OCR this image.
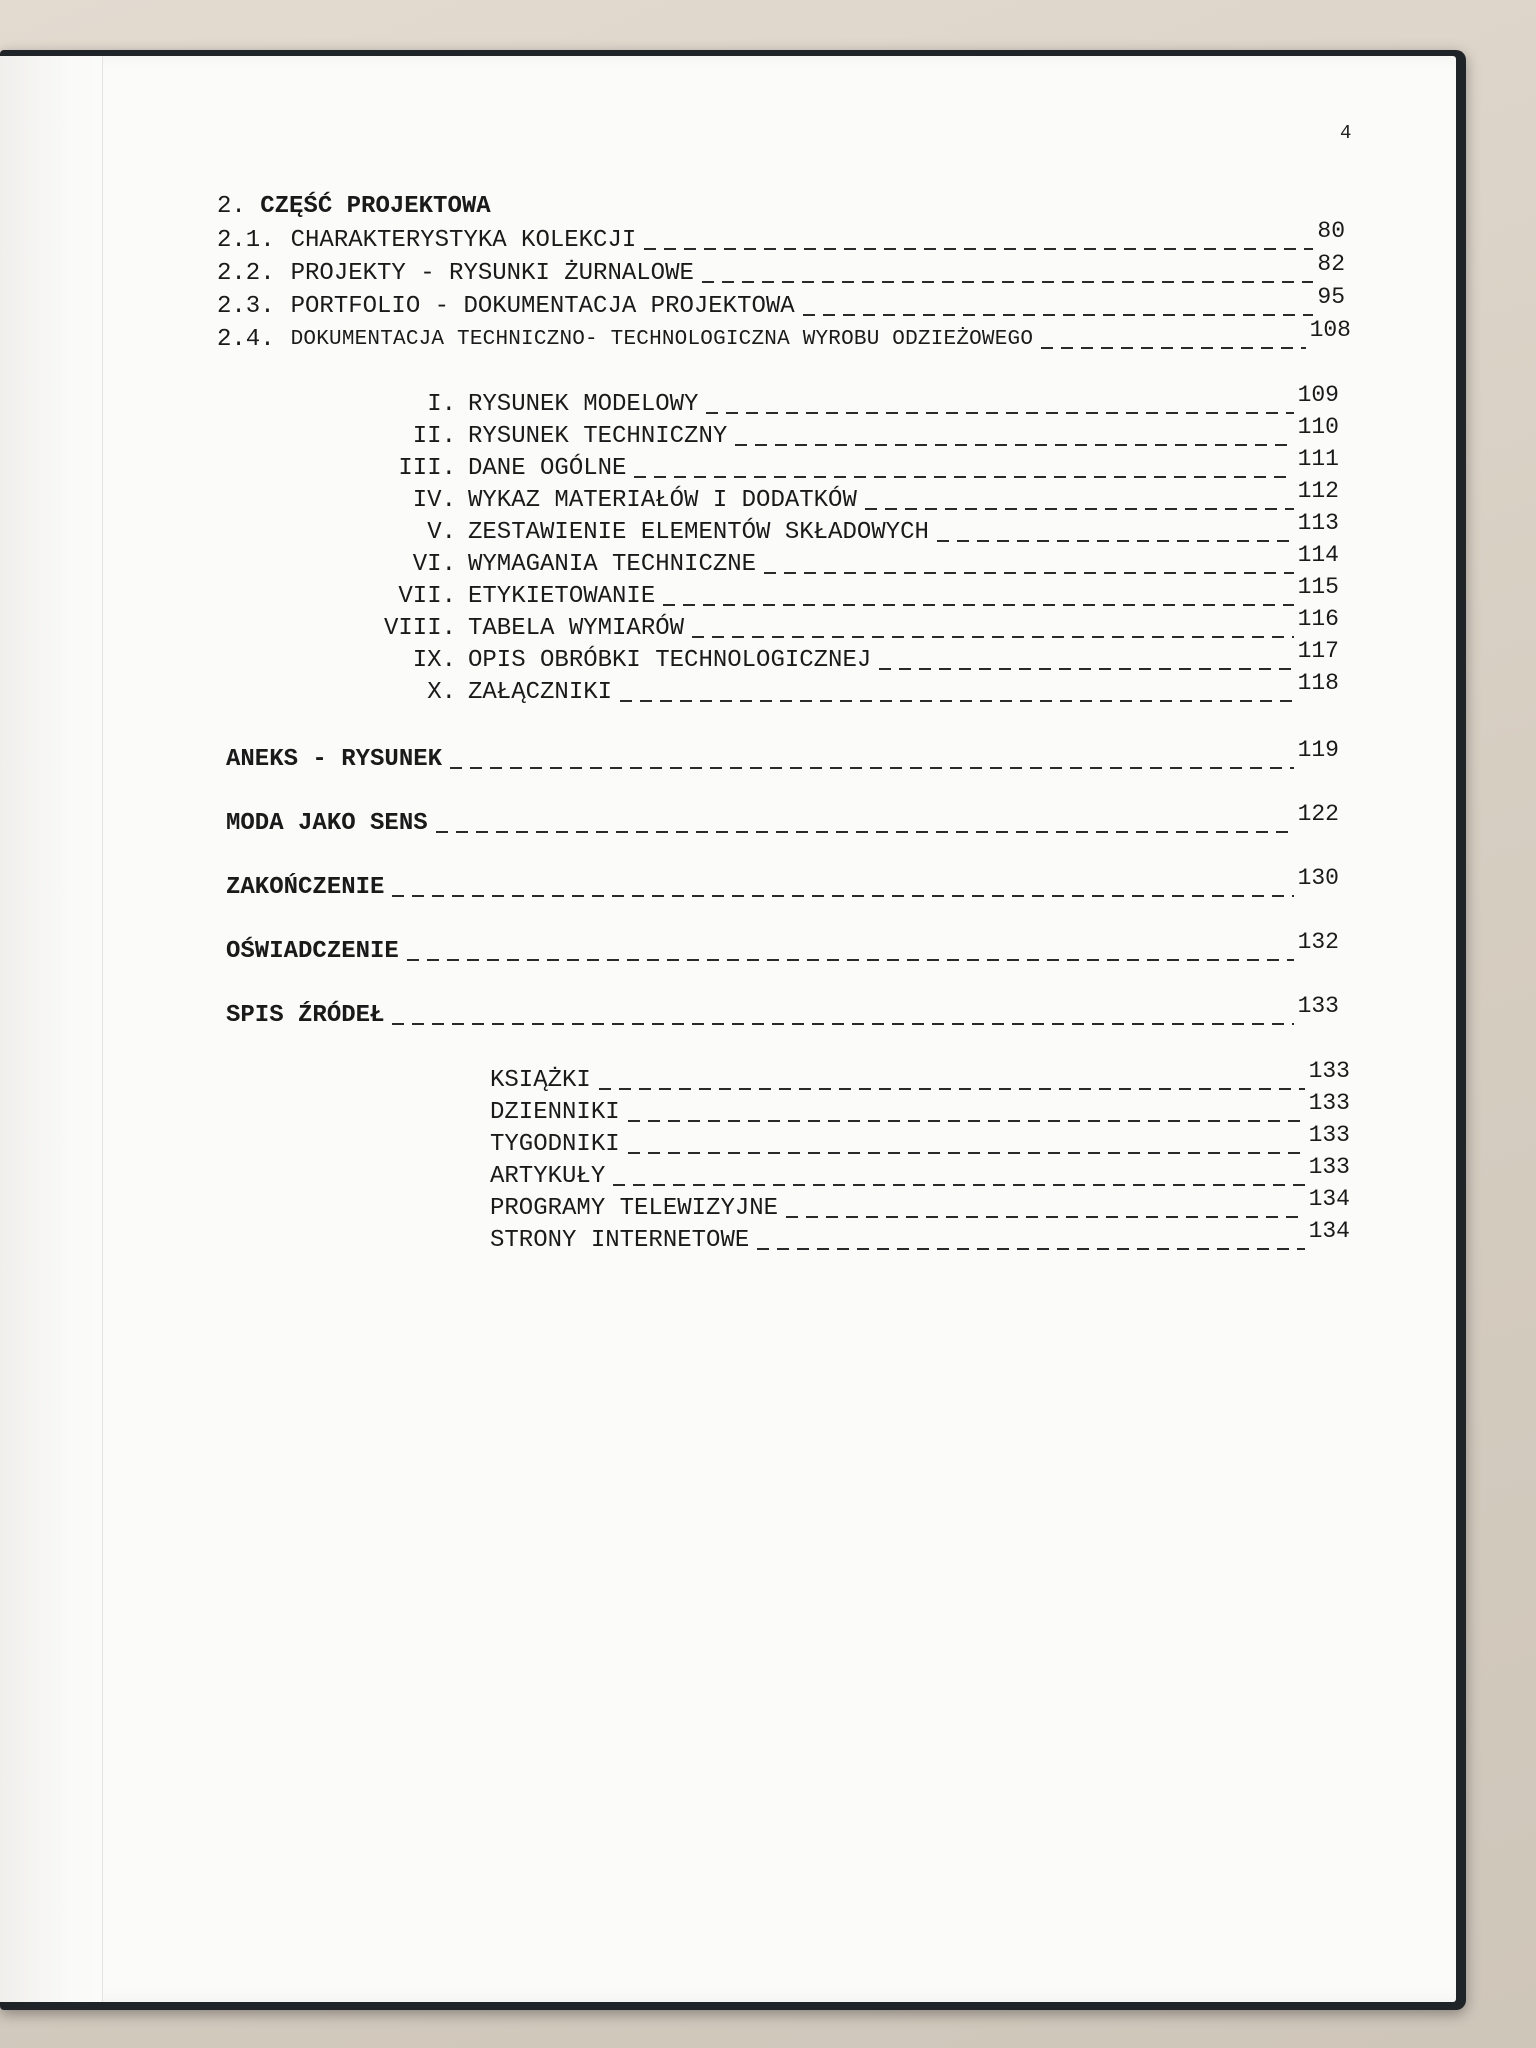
4
2. CZĘŚĆ PROJEKTOWA
2.1. CHARAKTERYSTYKA KOLEKCJI	80
2.2. PROJEKTY - RYSUNKI ŻURNALOWE	82
2.3. PORTFOLIO - DOKUMENTACJA PROJEKTOWA	95
2.4. DOKUMENTACJA TECHNICZNO- TECHNOLOGICZNA WYROBU ODZIEŻOWEGO	108
I. RYSUNEK MODELOWY	109
II. RYSUNEK TECHNICZNY	110
III. DANE OGÓLNE	111
IV. WYKAZ MATERIAŁÓW I DODATKÓW	112
V. ZESTAWIENIE ELEMENTÓW SKŁADOWYCH	113
VI. WYMAGANIA TECHNICZNE	114
VII. ETYKIETOWANIE	115
VIII. TABELA WYMIARÓW	116
IX. OPIS OBRÓBKI TECHNOLOGICZNEJ	117
X. ZAŁĄCZNIKI	118
ANEKS - RYSUNEK	119
MODA JAKO SENS	122
ZAKOŃCZENIE	130
OŚWIADCZENIE	132
SPIS ŹRÓDEŁ	133
KSIĄŻKI	133
DZIENNIKI	133
TYGODNIKI	133
ARTYKUŁY	133
PROGRAMY TELEWIZYJNE	134
STRONY INTERNETOWE	134
